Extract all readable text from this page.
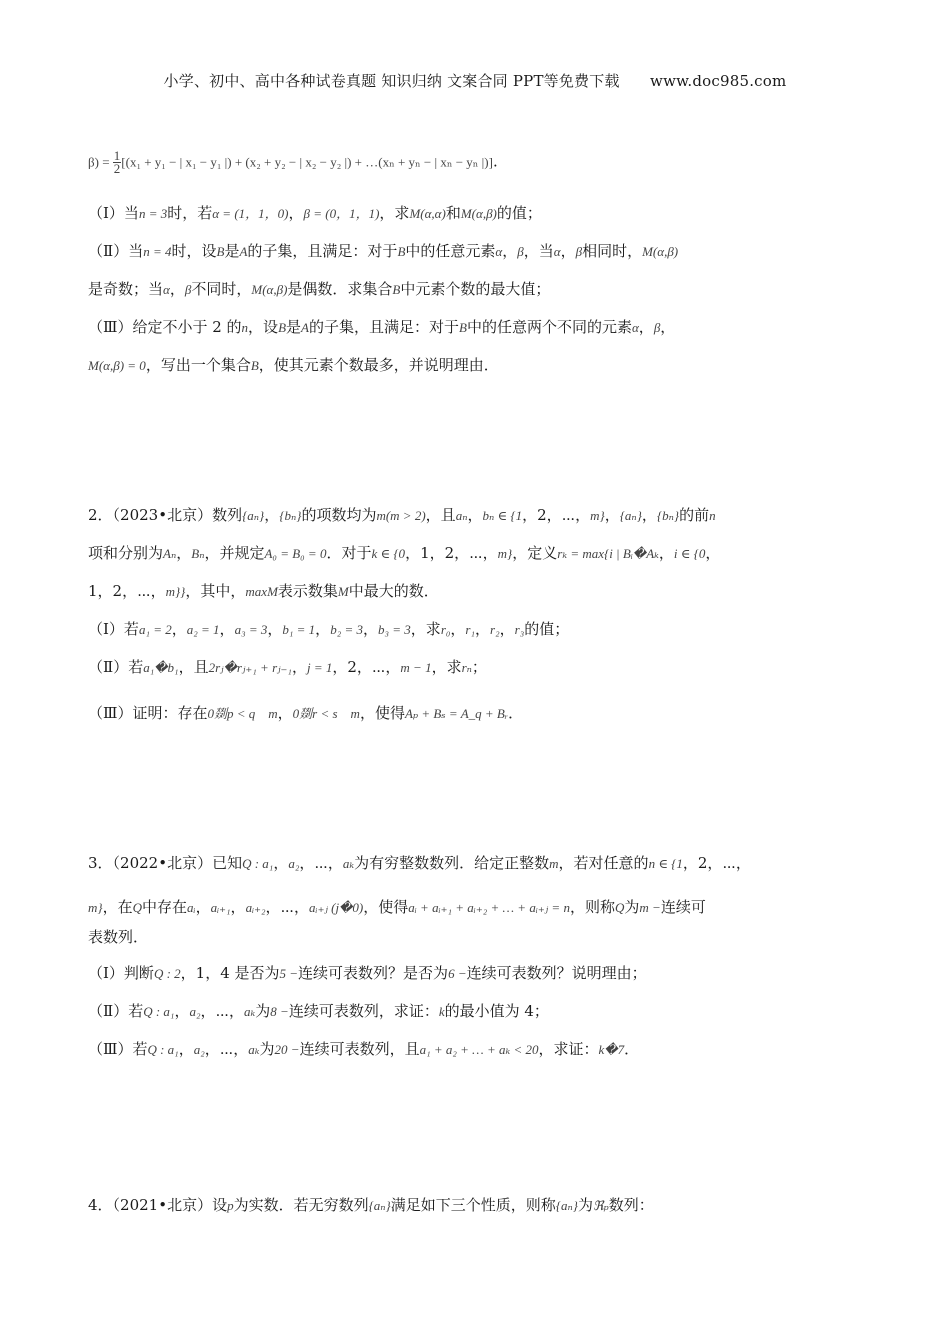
小学、初中、高中各种试卷真题 知识归纳 文案合同 PPT等免费下载　　www.doc985.com
$\beta) = \frac{1}{2} [(x_1 + y_1$ − | x₁ − y₁ |) + (x₂ + y₂ − | x₂ − y₂ |) + …(xₙ + yₙ − | xₙ − yₙ |)].
（Ⅰ）当n = 3时，若α = (1，1，0)，β = (0，1，1)，求M(α,α)和M(α,β)的值；
（Ⅱ）当n = 4时，设B是A的子集，且满足：对于B中的任意元素α，β，当α，β相同时，M(α,β)
是奇数；当α，β不同时，M(α,β)是偶数．求集合B中元素个数的最大值；
（Ⅲ）给定不小于 2 的n，设B是A的子集，且满足：对于B中的任意两个不同的元素α，β，
M(α,β) = 0，写出一个集合B，使其元素个数最多，并说明理由．
2．（2023•北京）数列{aₙ}，{bₙ}的项数均为m(m > 2)，且aₙ，bₙ ∈ {1，2，⋯，m}，{aₙ}，{bₙ}的前n
项和分别为Aₙ，Bₙ，并规定A₀ = B₀ = 0．对于k ∈ {0，1，2，⋯，m}，定义rₖ = max{i | Bᵢ�Aₖ，i ∈ {0，
1，2，⋯，m}}，其中，maxM表示数集M中最大的数．
（Ⅰ）若a₁ = 2，a₂ = 1，a₃ = 3，b₁ = 1，b₂ = 3，b₃ = 3，求r₀，r₁，r₂，r₃的值；
（Ⅱ）若a₁�b₁，且2rⱼ�rⱼ₊₁ + rⱼ₋₁，j = 1，2，⋯，m − 1，求rₙ；
（Ⅲ）证明：存在0剟p < q　m，0剟r < s　m，使得Aₚ + Bₛ = A_q + Bᵣ．
3．（2022•北京）已知Q : a₁，a₂，⋯，aₖ为有穷整数数列．给定正整数m，若对任意的n ∈ {1，2，⋯，
m}，在Q中存在aᵢ，aᵢ₊₁，aᵢ₊₂，⋯，aᵢ₊ⱼ (j�0)，使得aᵢ + aᵢ₊₁ + aᵢ₊₂ + … + aᵢ₊ⱼ = n，则称Q为m −连续可
表数列．
（Ⅰ）判断Q : 2，1，4 是否为5 −连续可表数列？是否为6 −连续可表数列？说明理由；
（Ⅱ）若Q : a₁，a₂，⋯，aₖ为8 −连续可表数列，求证：k的最小值为 4；
（Ⅲ）若Q : a₁，a₂，⋯，aₖ为20 −连续可表数列，且a₁ + a₂ + … + aₖ < 20，求证：k�7．
4．（2021•北京）设p为实数．若无穷数列{aₙ}满足如下三个性质，则称{aₙ}为ℜₚ数列：
